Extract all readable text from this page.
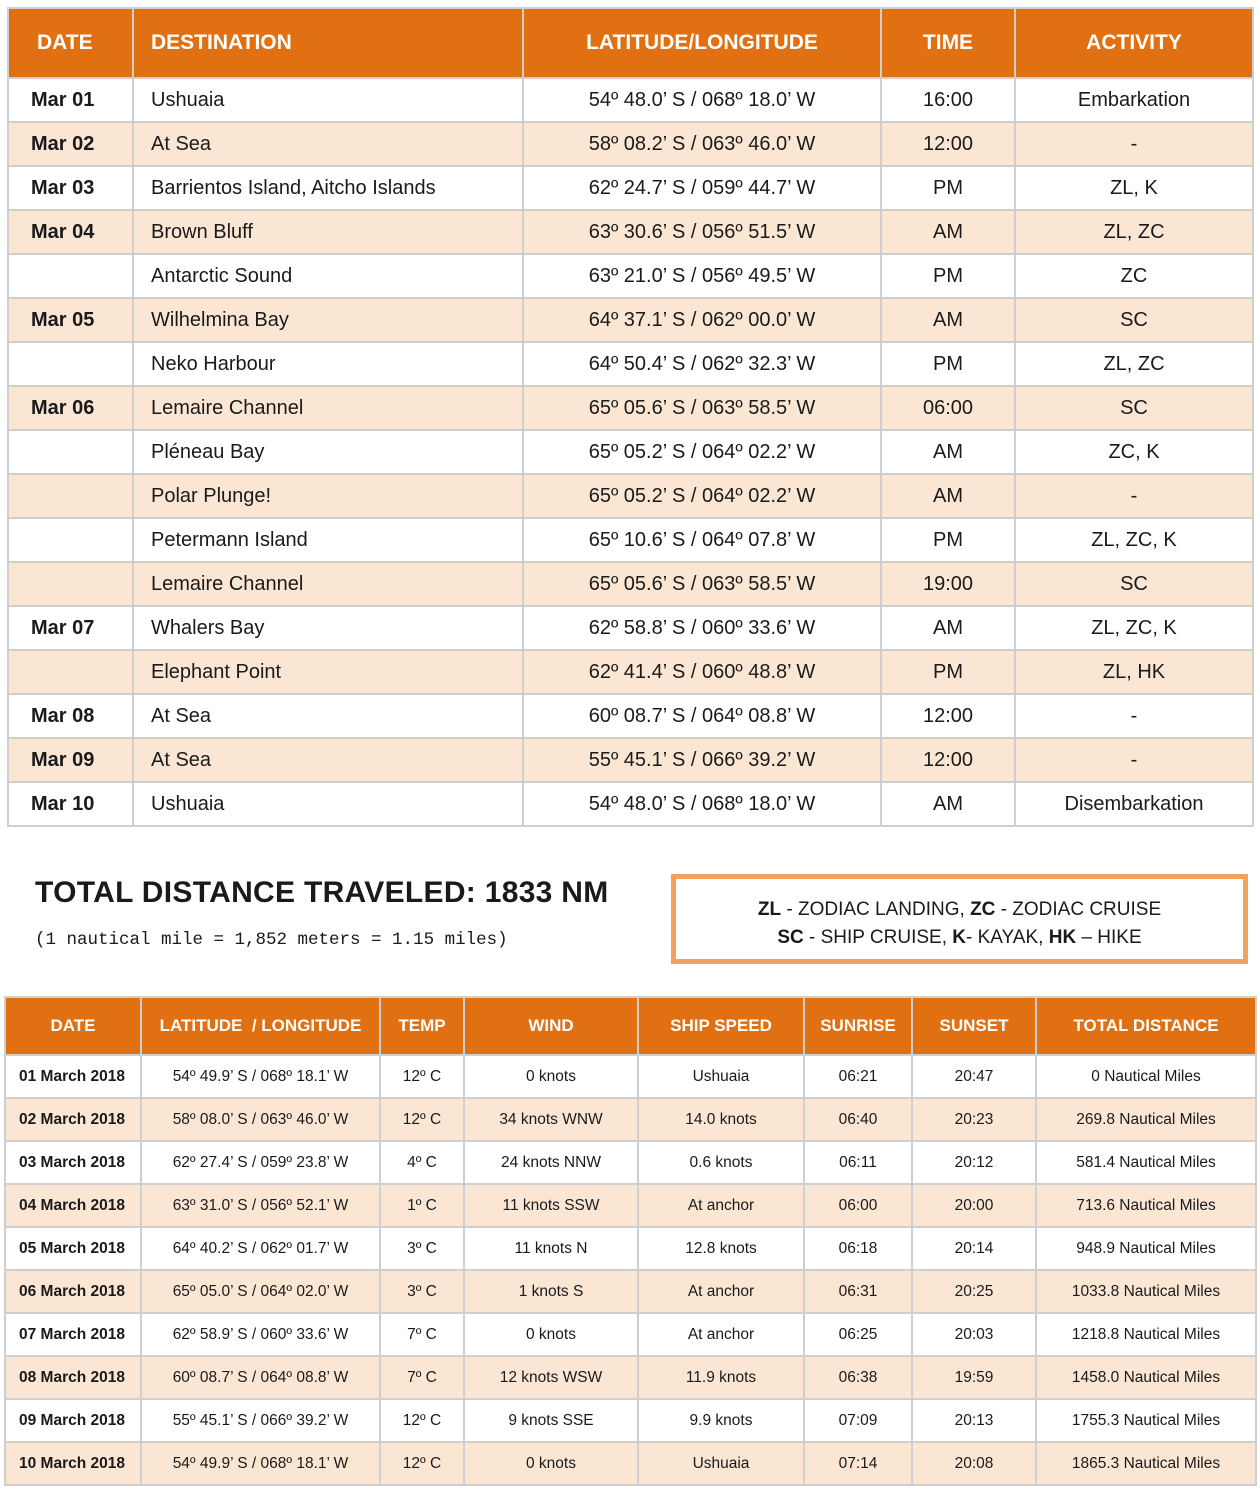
DATE	DESTINATION	LATITUDE/LONGITUDE	TIME	ACTIVITY
Mar 01	Ushuaia	54º 48.0’ S / 068º 18.0’ W	16:00	Embarkation
Mar 02	At Sea	58º 08.2’ S / 063º 46.0’ W	12:00	-
Mar 03	Barrientos Island, Aitcho Islands	62º 24.7’ S / 059º 44.7’ W	PM	ZL, K
Mar 04	Brown Bluff	63º 30.6’ S / 056º 51.5’ W	AM	ZL, ZC
	Antarctic Sound	63º 21.0’ S / 056º 49.5’ W	PM	ZC
Mar 05	Wilhelmina Bay	64º 37.1’ S / 062º 00.0’ W	AM	SC
	Neko Harbour	64º 50.4’ S / 062º 32.3’ W	PM	ZL, ZC
Mar 06	Lemaire Channel	65º 05.6’ S / 063º 58.5’ W	06:00	SC
	Pléneau Bay	65º 05.2’ S / 064º 02.2’ W	AM	ZC, K
	Polar Plunge!	65º 05.2’ S / 064º 02.2’ W	AM	-
	Petermann Island	65º 10.6’ S / 064º 07.8’ W	PM	ZL, ZC, K
	Lemaire Channel	65º 05.6’ S / 063º 58.5’ W	19:00	SC
Mar 07	Whalers Bay	62º 58.8’ S / 060º 33.6’ W	AM	ZL, ZC, K
	Elephant Point	62º 41.4’ S / 060º 48.8’ W	PM	ZL, HK
Mar 08	At Sea	60º 08.7’ S / 064º 08.8’ W	12:00	-
Mar 09	At Sea	55º 45.1’ S / 066º 39.2’ W	12:00	-
Mar 10	Ushuaia	54º 48.0’ S / 068º 18.0’ W	AM	Disembarkation
TOTAL DISTANCE TRAVELED: 1833 NM
(1 nautical mile = 1,852 meters = 1.15 miles)
ZL - ZODIAC LANDING, ZC - ZODIAC CRUISE
SC - SHIP CRUISE, K- KAYAK, HK – HIKE
DATE	LATITUDE  / LONGITUDE	TEMP	WIND	SHIP SPEED	SUNRISE	SUNSET	TOTAL DISTANCE
01 March 2018	54º 49.9’ S / 068º 18.1’ W	12º C	0 knots	Ushuaia	06:21	20:47	0 Nautical Miles
02 March 2018	58º 08.0’ S / 063º 46.0’ W	12º C	34 knots WNW	14.0 knots	06:40	20:23	269.8 Nautical Miles
03 March 2018	62º 27.4’ S / 059º 23.8’ W	4º C	24 knots NNW	0.6 knots	06:11	20:12	581.4 Nautical Miles
04 March 2018	63º 31.0’ S / 056º 52.1’ W	1º C	11 knots SSW	At anchor	06:00	20:00	713.6 Nautical Miles
05 March 2018	64º 40.2’ S / 062º 01.7’ W	3º C	11 knots N	12.8 knots	06:18	20:14	948.9 Nautical Miles
06 March 2018	65º 05.0’ S / 064º 02.0’ W	3º C	1 knots S	At anchor	06:31	20:25	1033.8 Nautical Miles
07 March 2018	62º 58.9’ S / 060º 33.6’ W	7º C	0 knots	At anchor	06:25	20:03	1218.8 Nautical Miles
08 March 2018	60º 08.7’ S / 064º 08.8’ W	7º C	12 knots WSW	11.9 knots	06:38	19:59	1458.0 Nautical Miles
09 March 2018	55º 45.1’ S / 066º 39.2’ W	12º C	9 knots SSE	9.9 knots	07:09	20:13	1755.3 Nautical Miles
10 March 2018	54º 49.9’ S / 068º 18.1’ W	12º C	0 knots	Ushuaia	07:14	20:08	1865.3 Nautical Miles
